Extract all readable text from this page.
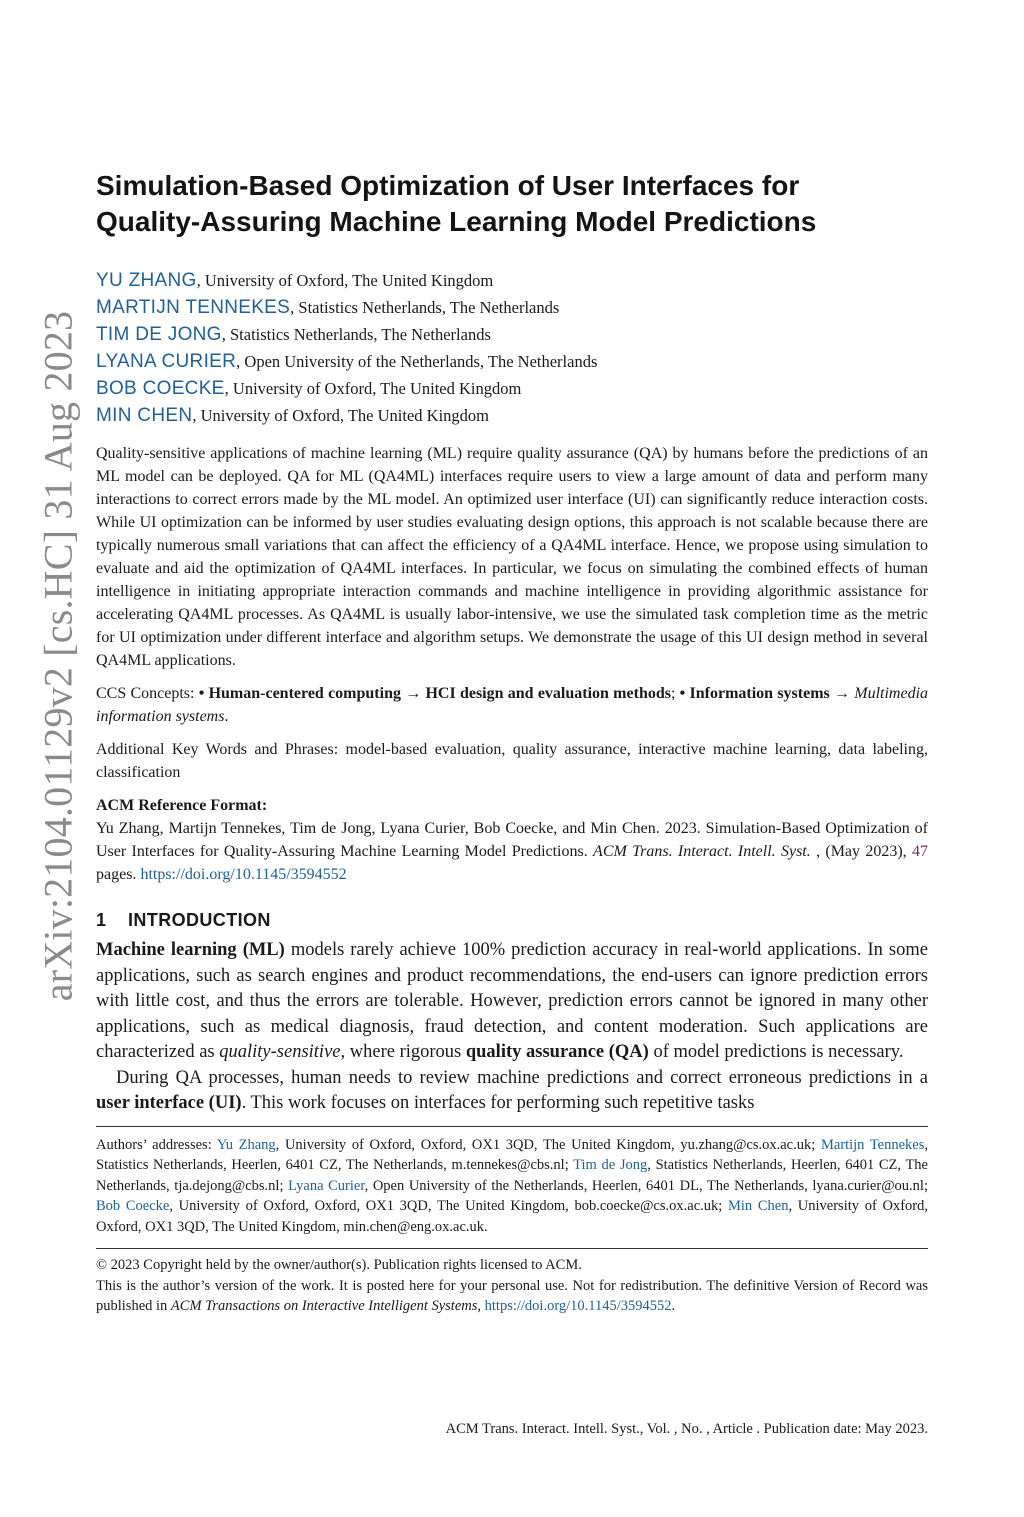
arXiv:2104.01129v2 [cs.HC] 31 Aug 2023
Simulation-Based Optimization of User Interfaces for
Quality-Assuring Machine Learning Model Predictions
YU ZHANG, University of Oxford, The United Kingdom
MARTIJN TENNEKES, Statistics Netherlands, The Netherlands
TIM DE JONG, Statistics Netherlands, The Netherlands
LYANA CURIER, Open University of the Netherlands, The Netherlands
BOB COECKE, University of Oxford, The United Kingdom
MIN CHEN, University of Oxford, The United Kingdom

Quality-sensitive applications of machine learning (ML) require quality assurance (QA) by humans before the predictions of an ML model can be deployed. QA for ML (QA4ML) interfaces require users to view a large amount of data and perform many interactions to correct errors made by the ML model. An optimized user interface (UI) can significantly reduce interaction costs. While UI optimization can be informed by user studies evaluating design options, this approach is not scalable because there are typically numerous small variations that can affect the efficiency of a QA4ML interface. Hence, we propose using simulation to evaluate and aid the optimization of QA4ML interfaces. In particular, we focus on simulating the combined effects of human intelligence in initiating appropriate interaction commands and machine intelligence in providing algorithmic assistance for accelerating QA4ML processes. As QA4ML is usually labor-intensive, we use the simulated task completion time as the metric for UI optimization under different interface and algorithm setups. We demonstrate the usage of this UI design method in several QA4ML applications.

CCS Concepts: • Human-centered computing → HCI design and evaluation methods; • Information systems → Multimedia information systems.

Additional Key Words and Phrases: model-based evaluation, quality assurance, interactive machine learning, data labeling, classification

ACM Reference Format:
Yu Zhang, Martijn Tennekes, Tim de Jong, Lyana Curier, Bob Coecke, and Min Chen. 2023. Simulation-Based Optimization of User Interfaces for Quality-Assuring Machine Learning Model Predictions. ACM Trans. Interact. Intell. Syst. , (May 2023), 47 pages. https://doi.org/10.1145/3594552
1 INTRODUCTION

Machine learning (ML) models rarely achieve 100% prediction accuracy in real-world applications. In some applications, such as search engines and product recommendations, the end-users can ignore prediction errors with little cost, and thus the errors are tolerable. However, prediction errors cannot be ignored in many other applications, such as medical diagnosis, fraud detection, and content moderation. Such applications are characterized as quality-sensitive, where rigorous quality assurance (QA) of model predictions is necessary.

During QA processes, human needs to review machine predictions and correct erroneous predictions in a user interface (UI). This work focuses on interfaces for performing such repetitive tasks

Authors’ addresses: Yu Zhang, University of Oxford, Oxford, OX1 3QD, The United Kingdom, yu.zhang@cs.ox.ac.uk; Martijn Tennekes, Statistics Netherlands, Heerlen, 6401 CZ, The Netherlands, m.tennekes@cbs.nl; Tim de Jong, Statistics Netherlands, Heerlen, 6401 CZ, The Netherlands, tja.dejong@cbs.nl; Lyana Curier, Open University of the Netherlands, Heerlen, 6401 DL, The Netherlands, lyana.curier@ou.nl; Bob Coecke, University of Oxford, Oxford, OX1 3QD, The United Kingdom, bob.coecke@cs.ox.ac.uk; Min Chen, University of Oxford, Oxford, OX1 3QD, The United Kingdom, min.chen@eng.ox.ac.uk.

© 2023 Copyright held by the owner/author(s). Publication rights licensed to ACM.
This is the author’s version of the work. It is posted here for your personal use. Not for redistribution. The definitive Version of Record was published in ACM Transactions on Interactive Intelligent Systems, https://doi.org/10.1145/3594552.
ACM Trans. Interact. Intell. Syst., Vol. , No. , Article . Publication date: May 2023.
